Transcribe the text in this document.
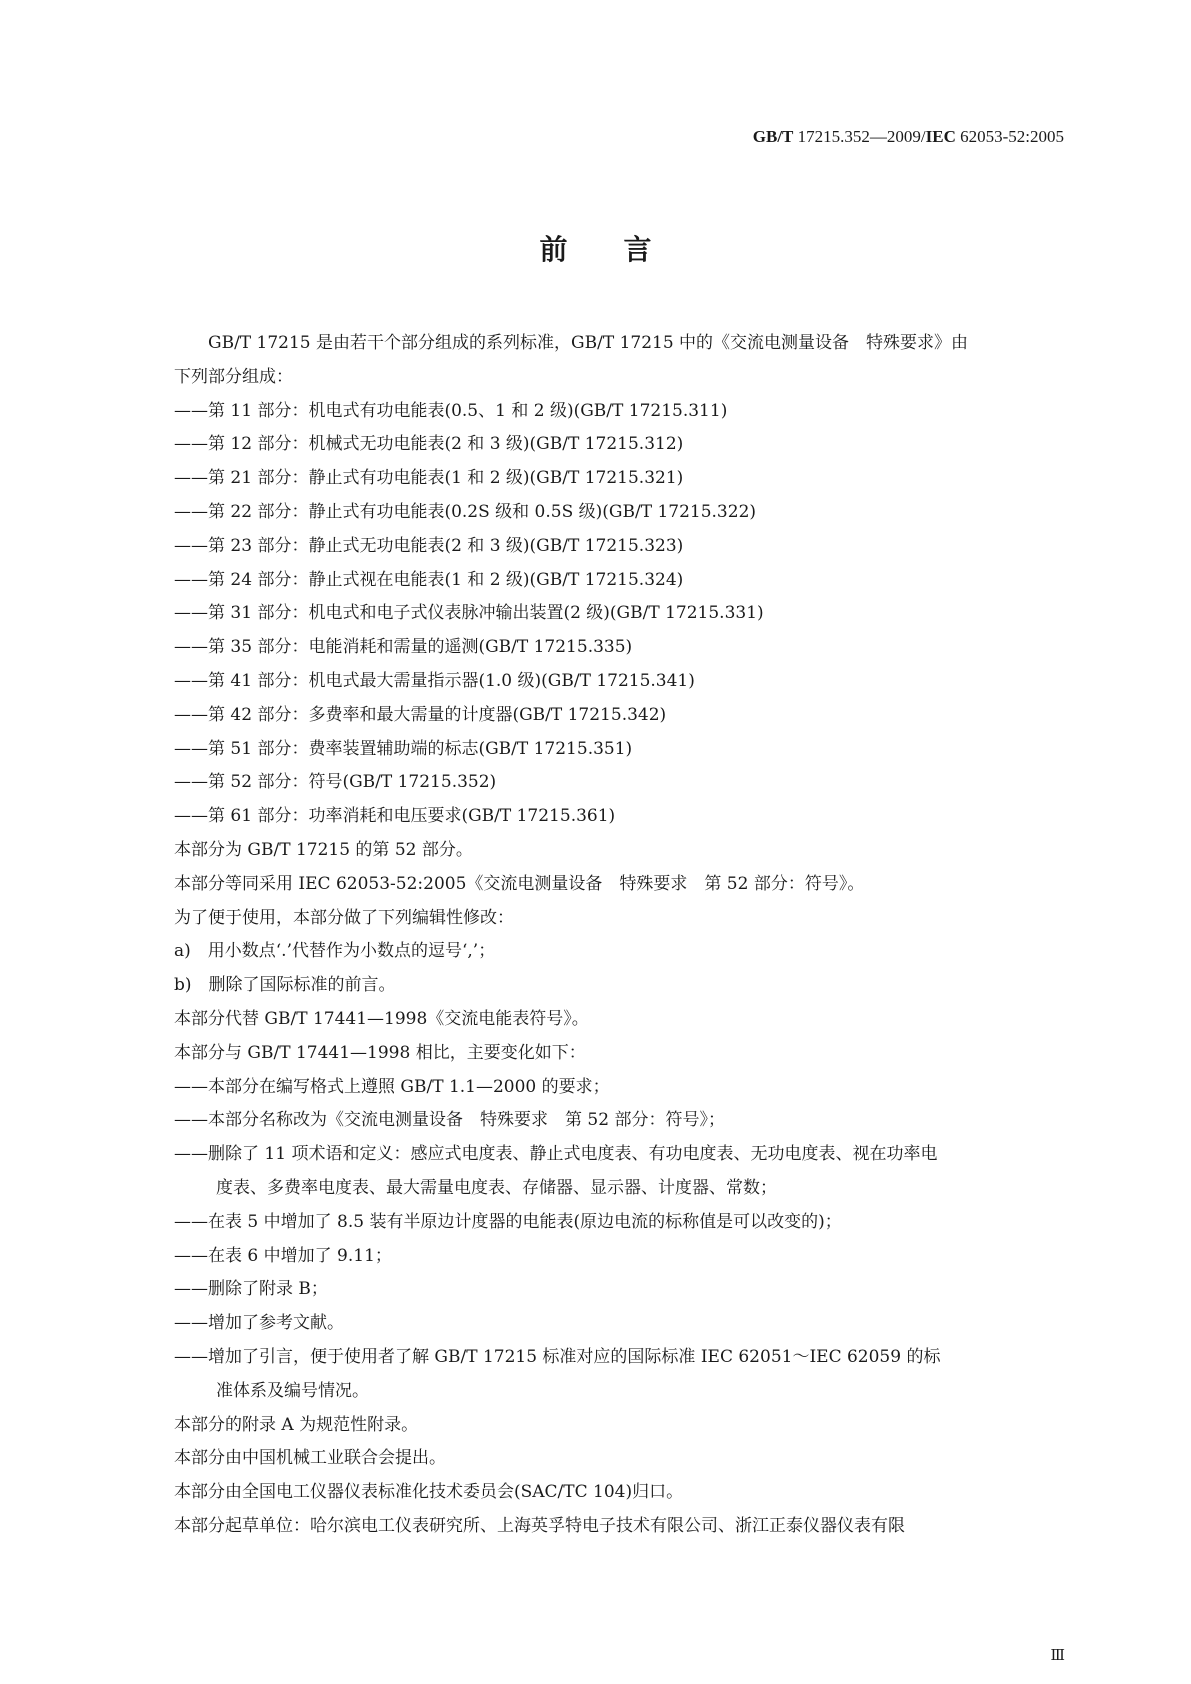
GB/T 17215.352—2009/IEC 62053-52:2005
前 言
GB/T 17215 是由若干个部分组成的系列标准，GB/T 17215 中的《交流电测量设备　特殊要求》由
下列部分组成：
——第 11 部分：机电式有功电能表(0.5、1 和 2 级)(GB/T 17215.311)
——第 12 部分：机械式无功电能表(2 和 3 级)(GB/T 17215.312)
——第 21 部分：静止式有功电能表(1 和 2 级)(GB/T 17215.321)
——第 22 部分：静止式有功电能表(0.2S 级和 0.5S 级)(GB/T 17215.322)
——第 23 部分：静止式无功电能表(2 和 3 级)(GB/T 17215.323)
——第 24 部分：静止式视在电能表(1 和 2 级)(GB/T 17215.324)
——第 31 部分：机电式和电子式仪表脉冲输出装置(2 级)(GB/T 17215.331)
——第 35 部分：电能消耗和需量的遥测(GB/T 17215.335)
——第 41 部分：机电式最大需量指示器(1.0 级)(GB/T 17215.341)
——第 42 部分：多费率和最大需量的计度器(GB/T 17215.342)
——第 51 部分：费率装置辅助端的标志(GB/T 17215.351)
——第 52 部分：符号(GB/T 17215.352)
——第 61 部分：功率消耗和电压要求(GB/T 17215.361)
本部分为 GB/T 17215 的第 52 部分。
本部分等同采用 IEC 62053-52:2005《交流电测量设备　特殊要求　第 52 部分：符号》。
为了便于使用，本部分做了下列编辑性修改：
a)　用小数点‘.’代替作为小数点的逗号‘,’；
b)　删除了国际标准的前言。
本部分代替 GB/T 17441—1998《交流电能表符号》。
本部分与 GB/T 17441—1998 相比，主要变化如下：
——本部分在编写格式上遵照 GB/T 1.1—2000 的要求；
——本部分名称改为《交流电测量设备　特殊要求　第 52 部分：符号》；
——删除了 11 项术语和定义：感应式电度表、静止式电度表、有功电度表、无功电度表、视在功率电
度表、多费率电度表、最大需量电度表、存储器、显示器、计度器、常数；
——在表 5 中增加了 8.5 装有半原边计度器的电能表(原边电流的标称值是可以改变的)；
——在表 6 中增加了 9.11；
——删除了附录 B；
——增加了参考文献。
——增加了引言，便于使用者了解 GB/T 17215 标准对应的国际标准 IEC 62051～IEC 62059 的标
准体系及编号情况。
本部分的附录 A 为规范性附录。
本部分由中国机械工业联合会提出。
本部分由全国电工仪器仪表标准化技术委员会(SAC/TC 104)归口。
本部分起草单位：哈尔滨电工仪表研究所、上海英孚特电子技术有限公司、浙江正泰仪器仪表有限
Ⅲ
